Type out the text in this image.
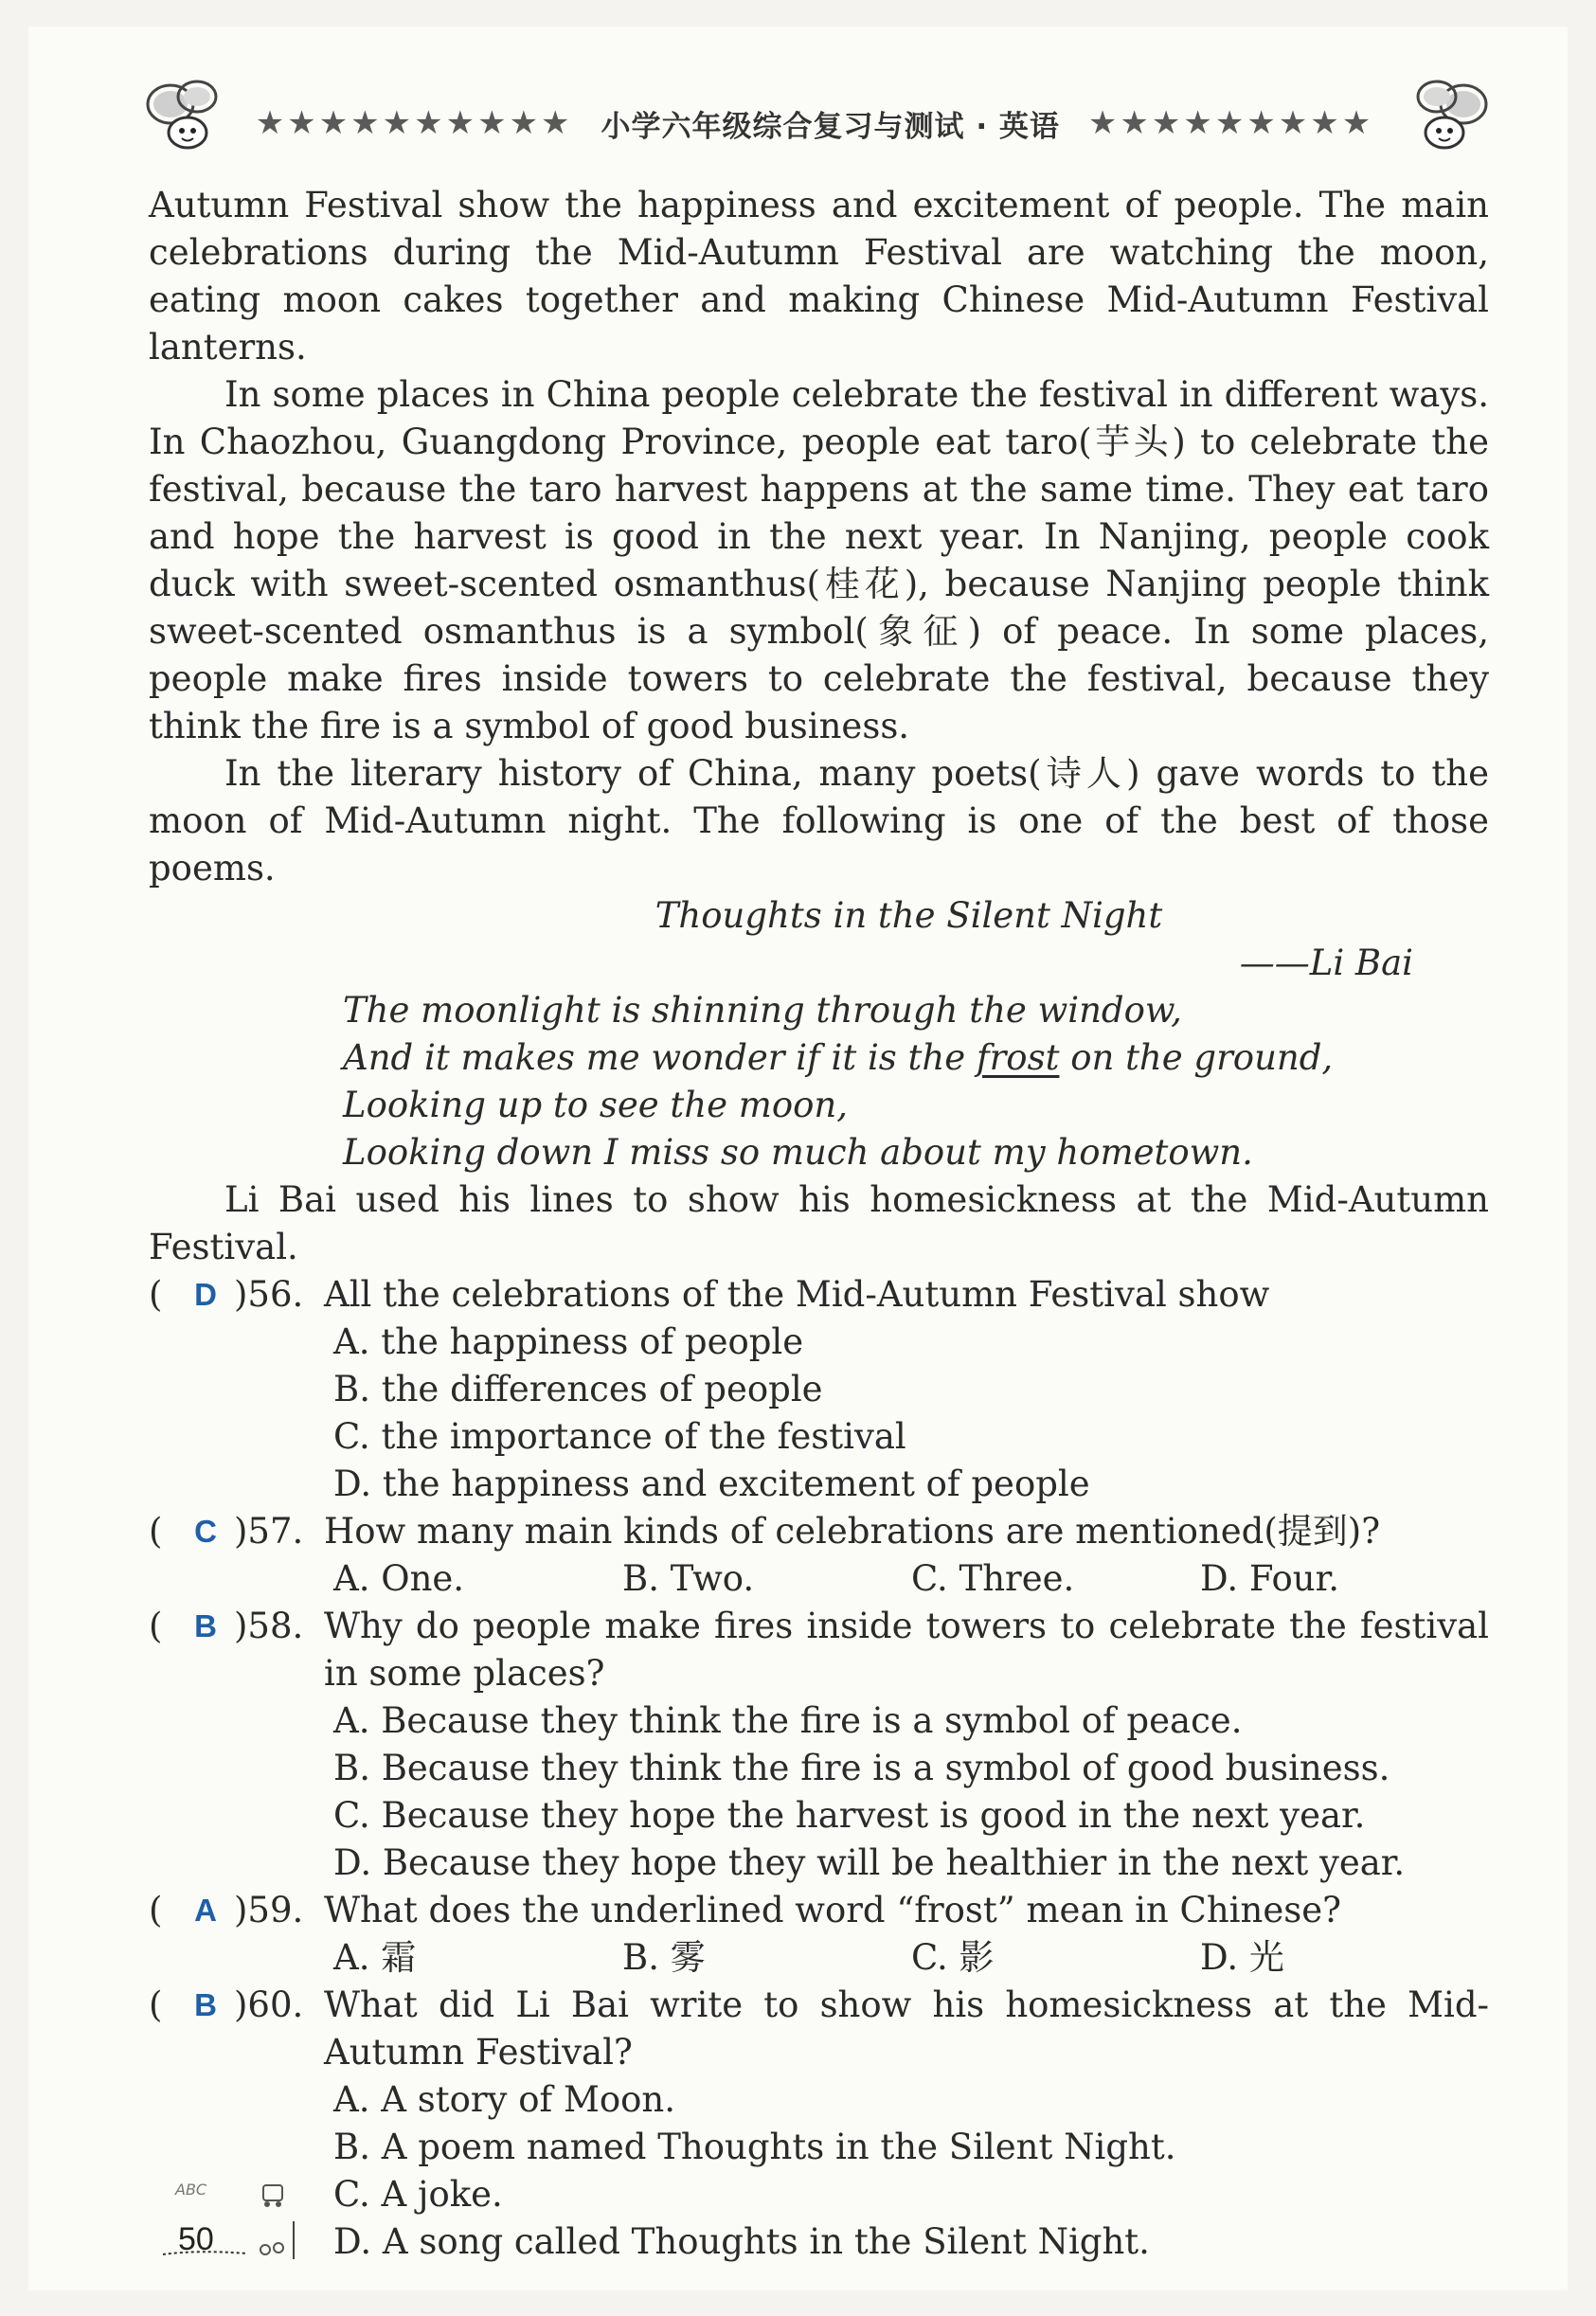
★★★★★★★★★★ 小学六年级综合复习与测试 · 英语 ★★★★★★★★★

Autumn Festival show the happiness and excitement of people. The main celebrations during the Mid-Autumn Festival are watching the moon, eating moon cakes together and making Chinese Mid-Autumn Festival lanterns.

In some places in China people celebrate the festival in different ways. In Chaozhou, Guangdong Province, people eat taro(芋头) to celebrate the festival, because the taro harvest happens at the same time. They eat taro and hope the harvest is good in the next year. In Nanjing, people cook duck with sweet-scented osmanthus(桂花), because Nanjing people think sweet-scented osmanthus is a symbol(象征) of peace. In some places, people make fires inside towers to celebrate the festival, because they think the fire is a symbol of good business.

In the literary history of China, many poets(诗人) gave words to the moon of Mid-Autumn night. The following is one of the best of those poems.

Thoughts in the Silent Night

——Li Bai

The moonlight is shinning through the window,

And it makes me wonder if it is the frost on the ground,

Looking up to see the moon,

Looking down I miss so much about my hometown.

Li Bai used his lines to show his homesickness at the Mid-Autumn Festival.

(	D )56. All the celebrations of the Mid-Autumn Festival show

A. the happiness of people

B. the differences of people

C. the importance of the festival

D. the happiness and excitement of people

(	C )57. How many main kinds of celebrations are mentioned(提到)?
A. One.	B. Two.	C. Three.	D. Four.
(	B )58. Why do people make fires inside towers to celebrate the festival in some places?

A. Because they think the fire is a symbol of peace.

B. Because they think the fire is a symbol of good business.

C. Because they hope the harvest is good in the next year.

D. Because they hope they will be healthier in the next year.

(	A )59. What does the underlined word “frost” mean in Chinese?
A. 霜	B. 雾	C. 影	D. 光
(	B )60. What did Li Bai write to show his homesickness at the Mid-Autumn Festival?

A. A story of Moon.

B. A poem named Thoughts in the Silent Night.

C. A joke.

D. A song called Thoughts in the Silent Night.

ABC
50
